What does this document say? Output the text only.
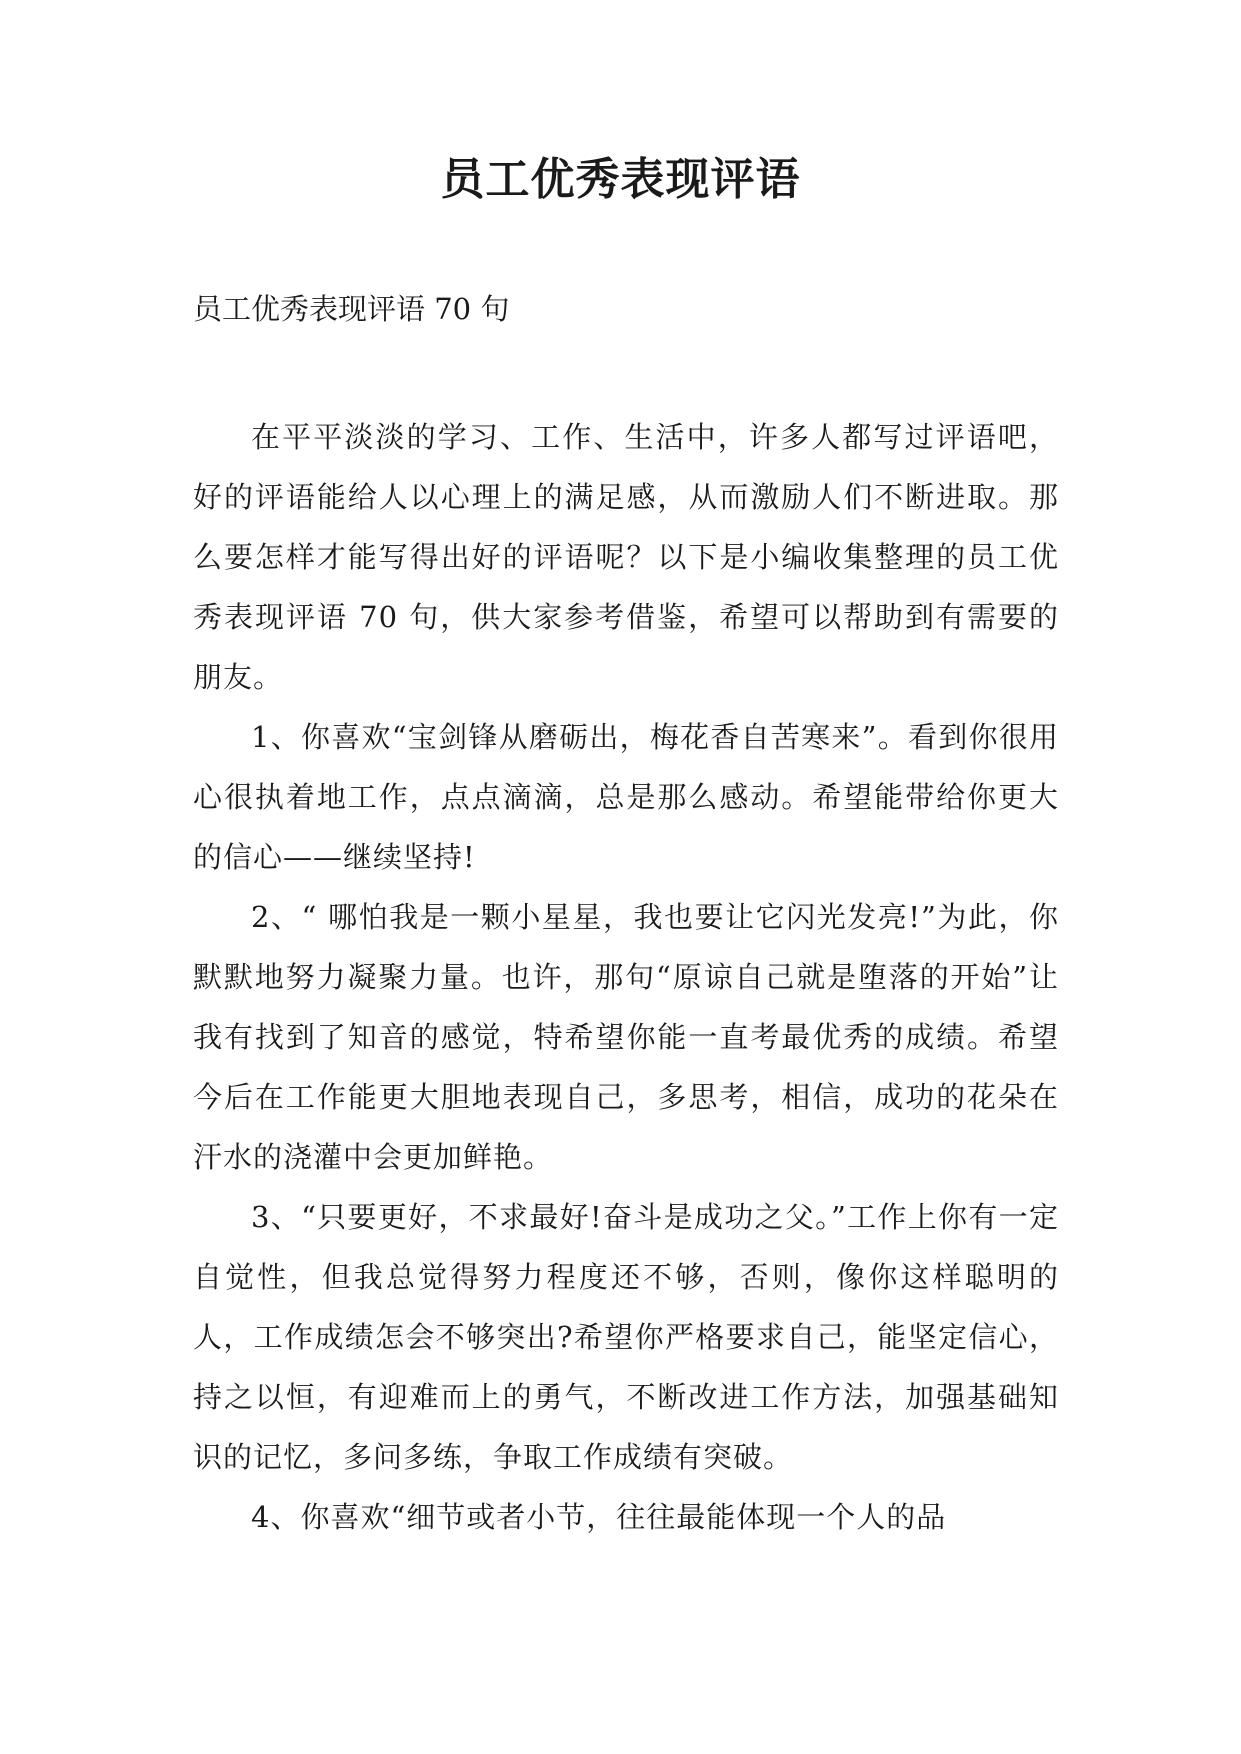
员工优秀表现评语
员工优秀表现评语 70 句

在平平淡淡的学习、工作、生活中，许多人都写过评语吧，好的评语能给人以心理上的满足感，从而激励人们不断进取。那么要怎样才能写得出好的评语呢？以下是小编收集整理的员工优秀表现评语 70 句，供大家参考借鉴，希望可以帮助到有需要的朋友。

1、你喜欢“宝剑锋从磨砺出，梅花香自苦寒来”。看到你很用心很执着地工作，点点滴滴，总是那么感动。希望能带给你更大的信心——继续坚持!

2、“ 哪怕我是一颗小星星，我也要让它闪光发亮!”为此，你默默地努力凝聚力量。也许，那句“原谅自己就是堕落的开始”让我有找到了知音的感觉，特希望你能一直考最优秀的成绩。希望今后在工作能更大胆地表现自己，多思考，相信，成功的花朵在汗水的浇灌中会更加鲜艳。

3、“只要更好，不求最好!奋斗是成功之父。”工作上你有一定自觉性，但我总觉得努力程度还不够，否则，像你这样聪明的人，工作成绩怎会不够突出?希望你严格要求自己，能坚定信心，持之以恒，有迎难而上的勇气，不断改进工作方法，加强基础知识的记忆，多问多练，争取工作成绩有突破。

4、你喜欢“细节或者小节，往往最能体现一个人的品
